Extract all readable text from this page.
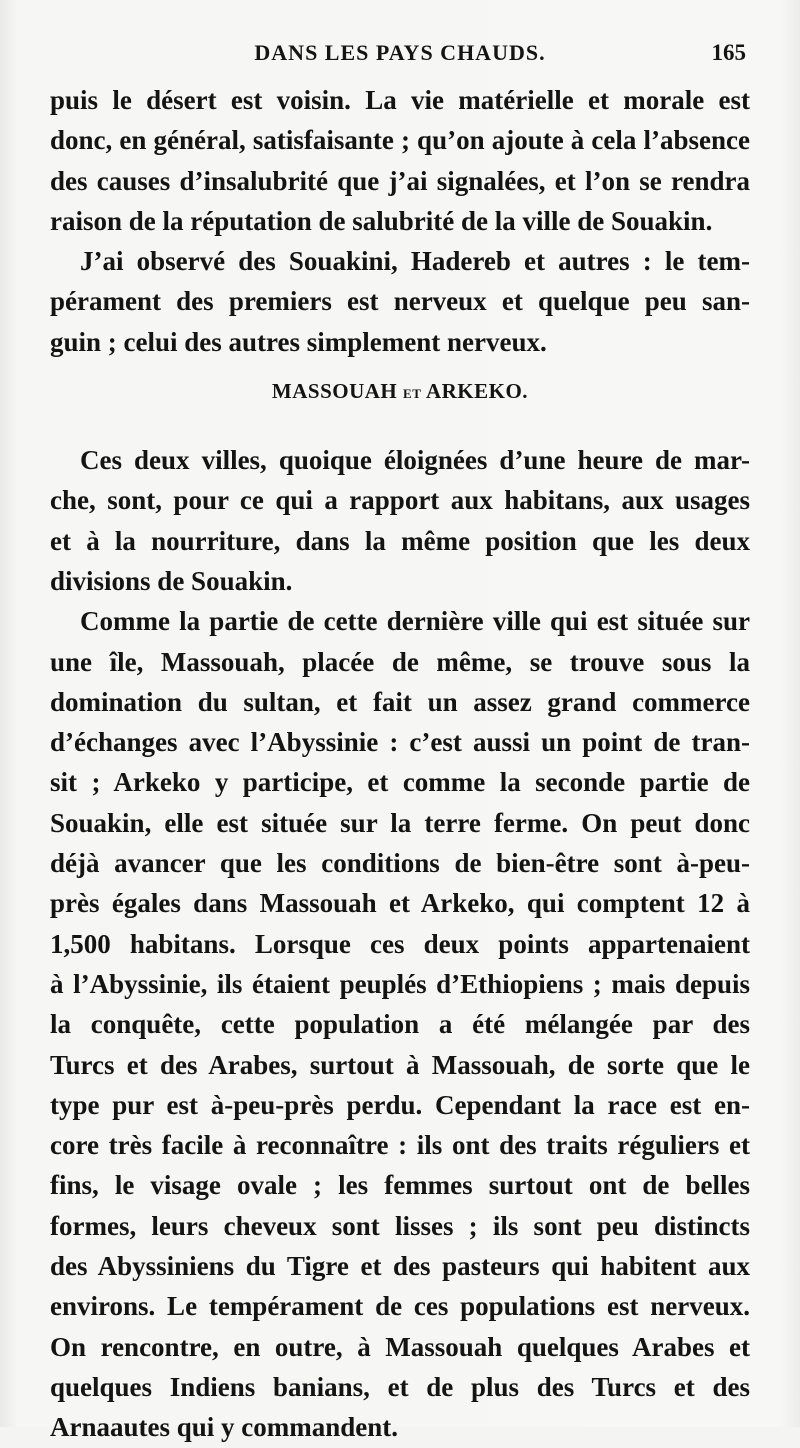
DANS LES PAYS CHAUDS.	165
puis le désert est voisin. La vie matérielle et morale est
donc, en général, satisfaisante ; qu’on ajoute à cela l’absence
des causes d’insalubrité que j’ai signalées, et l’on se rendra
raison de la réputation de salubrité de la ville de Souakin.
J’ai observé des Souakini, Hadereb et autres : le tem-
pérament des premiers est nerveux et quelque peu san-
guin ; celui des autres simplement nerveux.
MASSOUAH ET ARKEKO.
Ces deux villes, quoique éloignées d’une heure de mar-
che, sont, pour ce qui a rapport aux habitans, aux usages
et à la nourriture, dans la même position que les deux
divisions de Souakin.
Comme la partie de cette dernière ville qui est située sur
une île, Massouah, placée de même, se trouve sous la
domination du sultan, et fait un assez grand commerce
d’échanges avec l’Abyssinie : c’est aussi un point de tran-
sit ; Arkeko y participe, et comme la seconde partie de
Souakin, elle est située sur la terre ferme. On peut donc
déjà avancer que les conditions de bien-être sont à-peu-
près égales dans Massouah et Arkeko, qui comptent 12 à
1,500 habitans. Lorsque ces deux points appartenaient
à l’Abyssinie, ils étaient peuplés d’Ethiopiens ; mais depuis
la conquête, cette population a été mélangée par des
Turcs et des Arabes, surtout à Massouah, de sorte que le
type pur est à-peu-près perdu. Cependant la race est en-
core très facile à reconnaître : ils ont des traits réguliers et
fins, le visage ovale ; les femmes surtout ont de belles
formes, leurs cheveux sont lisses ; ils sont peu distincts
des Abyssiniens du Tigre et des pasteurs qui habitent aux
environs. Le tempérament de ces populations est nerveux.
On rencontre, en outre, à Massouah quelques Arabes et
quelques Indiens banians, et de plus des Turcs et des
Arnaautes qui y commandent.
